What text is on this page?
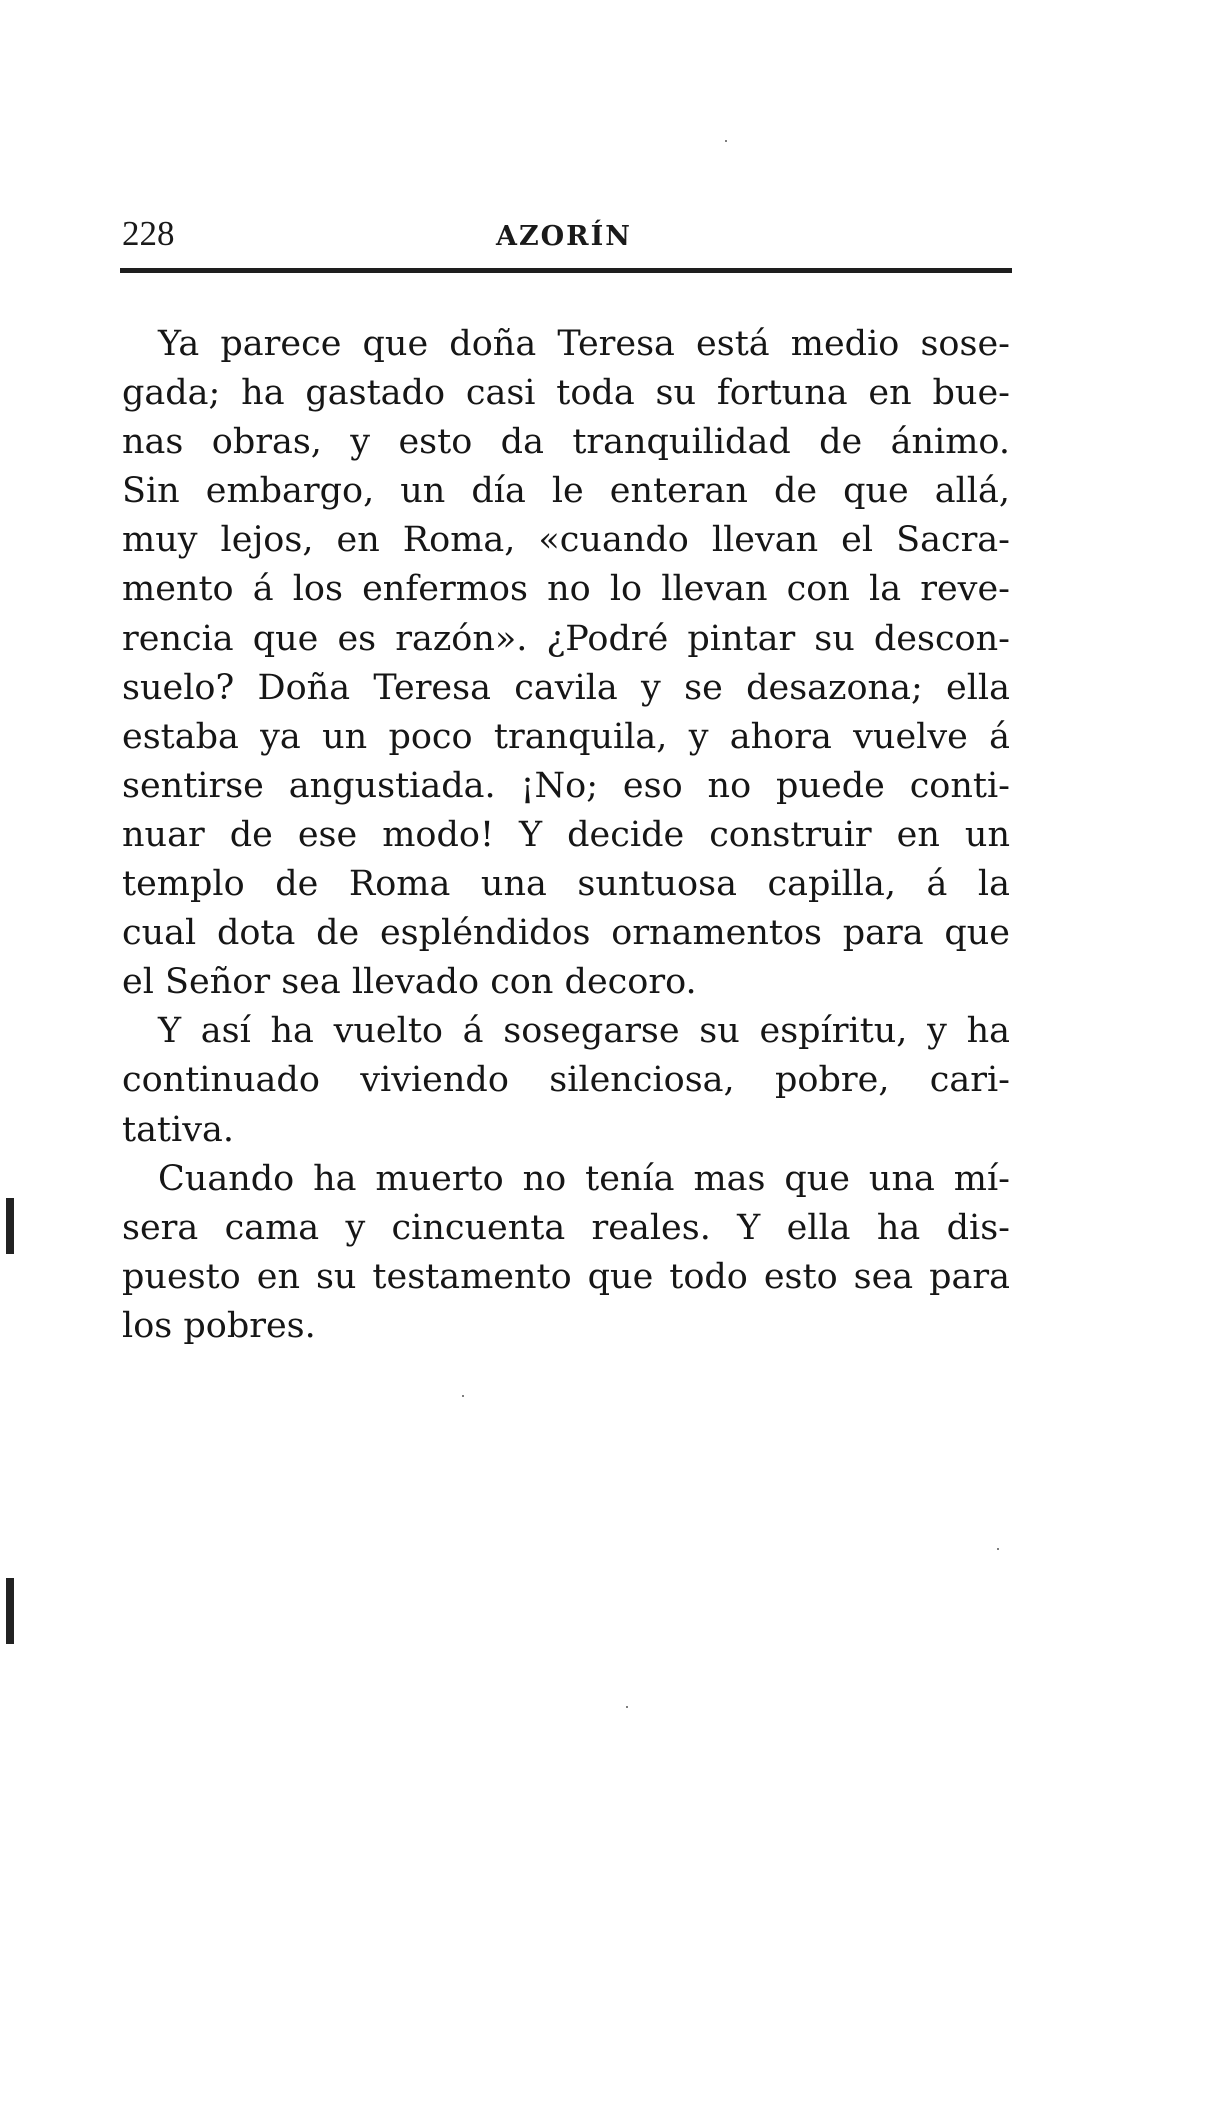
228	AZORÍN
Ya parece que doña Teresa está medio sose-
gada; ha gastado casi toda su fortuna en bue-
nas obras, y esto da tranquilidad de ánimo.
Sin embargo, un día le enteran de que allá,
muy lejos, en Roma, «cuando llevan el Sacra-
mento á los enfermos no lo llevan con la reve-
rencia que es razón». ¿Podré pintar su descon-
suelo? Doña Teresa cavila y se desazona; ella
estaba ya un poco tranquila, y ahora vuelve á
sentirse angustiada. ¡No; eso no puede conti-
nuar de ese modo! Y decide construir en un
templo de Roma una suntuosa capilla, á la
cual dota de espléndidos ornamentos para que
el Señor sea llevado con decoro.
Y así ha vuelto á sosegarse su espíritu, y ha
continuado viviendo silenciosa, pobre, cari-
tativa.
Cuando ha muerto no tenía mas que una mí-
sera cama y cincuenta reales. Y ella ha dis-
puesto en su testamento que todo esto sea para
los pobres.
